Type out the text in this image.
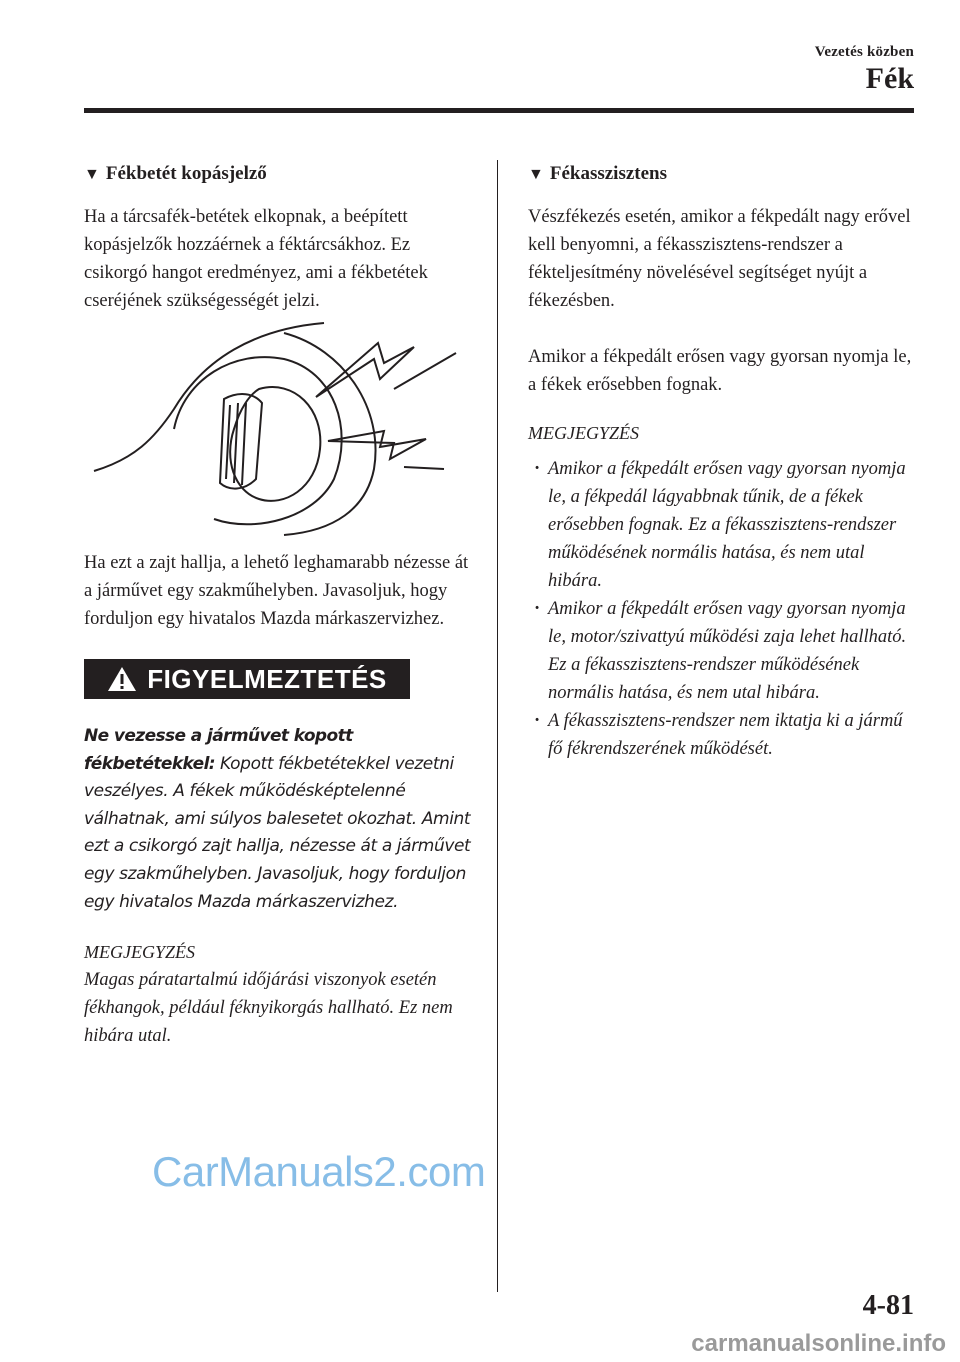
Vezetés közben
Fék
▼ Fékbetét kopásjelző

Ha a tárcsafék-betétek elkopnak, a beépített kopásjelzők hozzáérnek a féktárcsákhoz. Ez csikorgó hangot eredményez, ami a fékbetétek cseréjének szükségességét jelzi.

Ha ezt a zajt hallja, a lehető leghamarabb nézesse át a járművet egy szakműhelyben. Javasoljuk, hogy forduljon egy hivatalos Mazda márkaszervizhez.

FIGYELMEZTETÉS

Ne vezesse a járművet kopott fékbetétekkel: Kopott fékbetétekkel vezetni veszélyes. A fékek működésképtelenné válhatnak, ami súlyos balesetet okozhat. Amint ezt a csikorgó zajt hallja, nézesse át a járművet egy szakműhelyben. Javasoljuk, hogy forduljon egy hivatalos Mazda márkaszervizhez.

MEGJEGYZÉS

Magas páratartalmú időjárási viszonyok esetén fékhangok, például féknyikorgás hallható. Ez nem hibára utal.

▼ Fékasszisztens

Vészfékezés esetén, amikor a fékpedált nagy erővel kell benyomni, a fékasszisztens-rendszer a fékteljesítmény növelésével segítséget nyújt a fékezésben.

Amikor a fékpedált erősen vagy gyorsan nyomja le, a fékek erősebben fognak.

MEGJEGYZÉS
· Amikor a fékpedált erősen vagy gyorsan nyomja le, a fékpedál lágyabbnak tűnik, de a fékek erősebben fognak. Ez a fékasszisztens-rendszer működésének normális hatása, és nem utal hibára.
· Amikor a fékpedált erősen vagy gyorsan nyomja le, motor/szivattyú működési zaja lehet hallható. Ez a fékasszisztens-rendszer működésének normális hatása, és nem utal hibára.
· A fékasszisztens-rendszer nem iktatja ki a jármű fő fékrendszerének működését.
CarManuals2.com
4-81
carmanualsonline.info
